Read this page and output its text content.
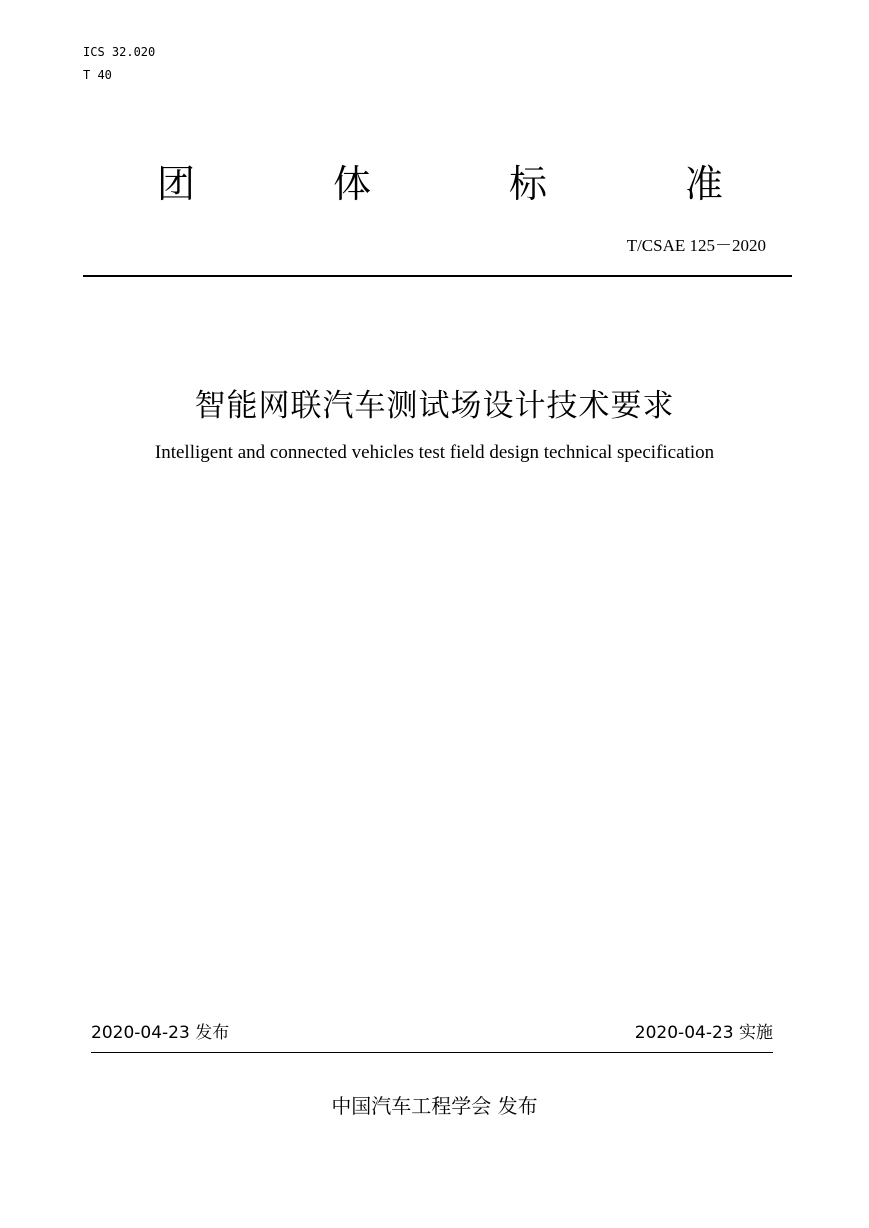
ICS 32.020
T 40
团	体	标	准
T/CSAE 125－2020
智能网联汽车测试场设计技术要求
Intelligent and connected vehicles test field design technical specification
2020-04-23 发布	2020-04-23 实施
中国汽车工程学会 发布
